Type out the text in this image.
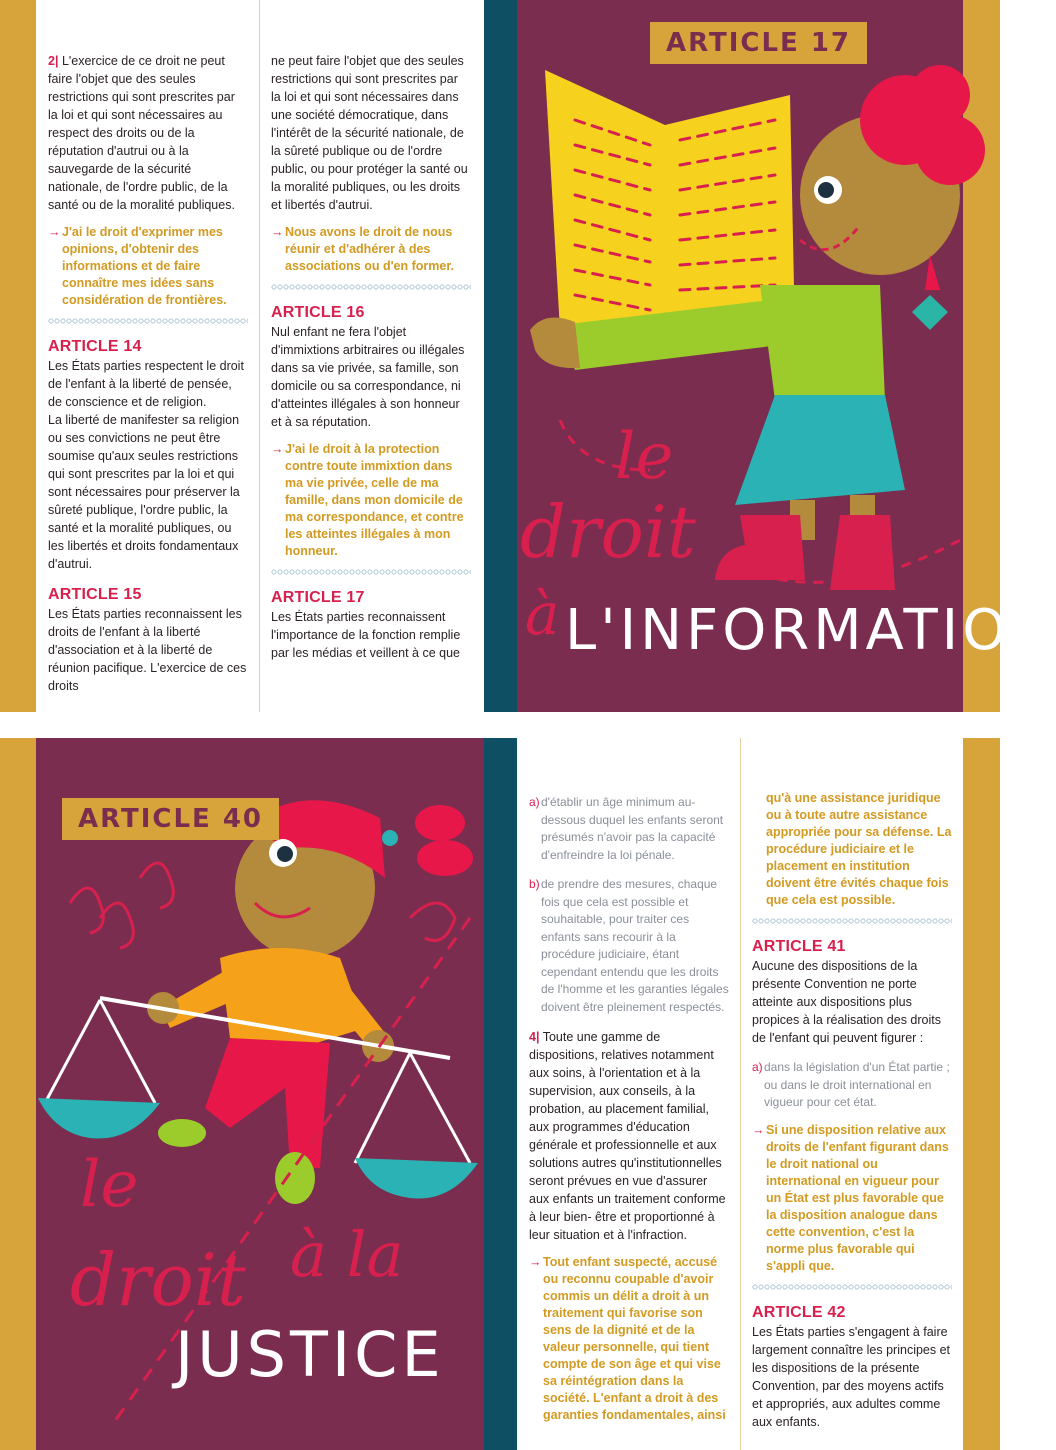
2| L'exercice de ce droit ne peut faire l'objet que des seules restrictions qui sont prescrites par la loi et qui sont nécessaires au respect des droits ou de la réputation d'autrui ou à la sauvegarde de la sécurité nationale, de l'ordre public, de la santé ou de la moralité publiques.

→ J'ai le droit d'exprimer mes opinions, d'obtenir des informations et de faire connaître mes idées sans considération de frontières.
ARTICLE 14

Les États parties respectent le droit de l'enfant à la liberté de pensée, de conscience et de religion.

La liberté de manifester sa religion ou ses convictions ne peut être soumise qu'aux seules restrictions qui sont prescrites par la loi et qui sont nécessaires pour préserver la sûreté publique, l'ordre public, la santé et la moralité publiques, ou les libertés et droits fondamentaux d'autrui.

ARTICLE 15

Les États parties reconnaissent les droits de l'enfant à la liberté d'association et à la liberté de réunion pacifique. L'exercice de ces droits

ne peut faire l'objet que des seules restrictions qui sont prescrites par la loi et qui sont nécessaires dans une société démocratique, dans l'intérêt de la sécurité nationale, de la sûreté publique ou de l'ordre public, ou pour protéger la santé ou la moralité publiques, ou les droits et libertés d'autrui.

→ Nous avons le droit de nous réunir et d'adhérer à des associations ou d'en former.
ARTICLE 16

Nul enfant ne fera l'objet d'immixtions arbitraires ou illégales dans sa vie privée, sa famille, son domicile ou sa correspondance, ni d'atteintes illégales à son honneur et à sa réputation.

→ J'ai le droit à la protection contre toute immixtion dans ma vie privée, celle de ma famille, dans mon domicile de ma correspondance, et contre les atteintes illégales à mon honneur.
ARTICLE 17

Les États parties reconnaissent l'importance de la fonction remplie par les médias et veillent à ce que

ARTICLE 17
le
droit
à L'INFORMATION
ARTICLE 40
le
droit à la
JUSTICE

a) d'établir un âge minimum au-dessous duquel les enfants seront présumés n'avoir pas la capacité d'enfreindre la loi pénale.

b) de prendre des mesures, chaque fois que cela est possible et souhaitable, pour traiter ces enfants sans recourir à la procédure judiciaire, étant cependant entendu que les droits de l'homme et les garanties légales doivent être pleinement respectés.

4| Toute une gamme de dispositions, relatives notamment aux soins, à l'orientation et à la supervision, aux conseils, à la probation, au placement familial, aux programmes d'éducation générale et professionnelle et aux solutions autres qu'institutionnelles seront prévues en vue d'assurer aux enfants un traitement conforme à leur bien- être et proportionné à leur situation et à l'infraction.

→ Tout enfant suspecté, accusé ou reconnu coupable d'avoir commis un délit a droit à un traitement qui favorise son sens de la dignité et de la valeur personnelle, qui tient compte de son âge et qui vise sa réintégration dans la société. L'enfant a droit à des garanties fondamentales, ainsi
qu'à une assistance juridique ou à toute autre assistance appropriée pour sa défense. La procédure judiciaire et le placement en institution doivent être évités chaque fois que cela est possible.
ARTICLE 41

Aucune des dispositions de la présente Convention ne porte atteinte aux dispositions plus propices à la réalisation des droits de l'enfant qui peuvent figurer :

a) dans la législation d'un État partie ; ou dans le droit international en vigueur pour cet état.

→ Si une disposition relative aux droits de l'enfant figurant dans le droit national ou international en vigueur pour un État est plus favorable que la disposition analogue dans cette convention, c'est la norme plus favorable qui s'appli que.
ARTICLE 42

Les États parties s'engagent à faire largement connaître les principes et les dispositions de la présente Convention, par des moyens actifs et appropriés, aux adultes comme aux enfants.
